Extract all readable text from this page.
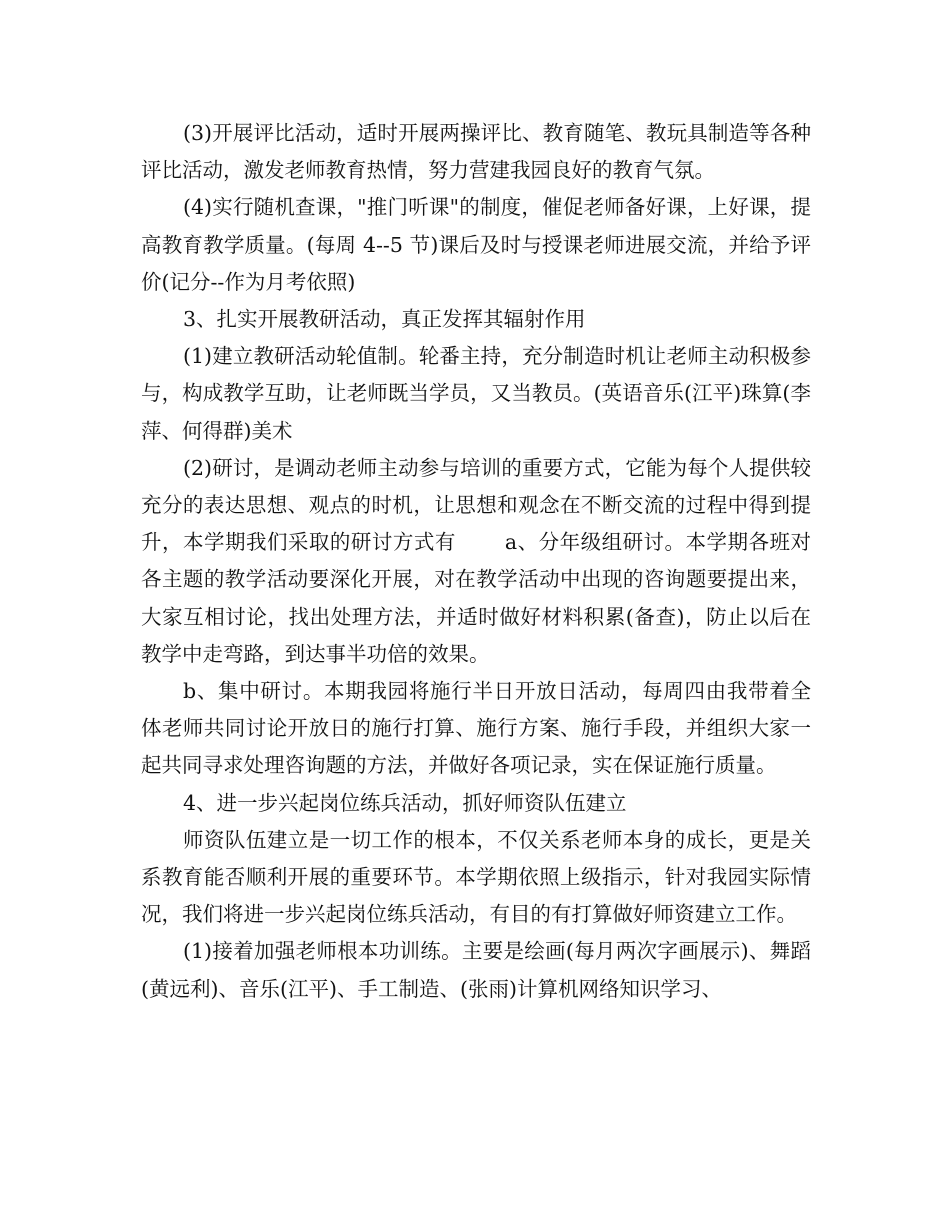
(3)开展评比活动，适时开展两操评比、教育随笔、教玩具制造等各种评比活动，激发老师教育热情，努力营建我园良好的教育气氛。

(4)实行随机查课，"推门听课"的制度，催促老师备好课，上好课，提高教育教学质量。(每周 4--5 节)课后及时与授课老师进展交流，并给予评价(记分--作为月考依照)

3、扎实开展教研活动，真正发挥其辐射作用

(1)建立教研活动轮值制。轮番主持，充分制造时机让老师主动积极参与，构成教学互助，让老师既当学员，又当教员。(英语音乐(江平)珠算(李萍、何得群)美术

(2)研讨，是调动老师主动参与培训的重要方式，它能为每个人提供较充分的表达思想、观点的时机，让思想和观念在不断交流的过程中得到提升，本学期我们采取的研讨方式有       a、分年级组研讨。本学期各班对各主题的教学活动要深化开展，对在教学活动中出现的咨询题要提出来，大家互相讨论，找出处理方法，并适时做好材料积累(备查)，防止以后在教学中走弯路，到达事半功倍的效果。

b、集中研讨。本期我园将施行半日开放日活动，每周四由我带着全体老师共同讨论开放日的施行打算、施行方案、施行手段，并组织大家一起共同寻求处理咨询题的方法，并做好各项记录，实在保证施行质量。

4、进一步兴起岗位练兵活动，抓好师资队伍建立

师资队伍建立是一切工作的根本，不仅关系老师本身的成长，更是关系教育能否顺利开展的重要环节。本学期依照上级指示，针对我园实际情况，我们将进一步兴起岗位练兵活动，有目的有打算做好师资建立工作。

(1)接着加强老师根本功训练。主要是绘画(每月两次字画展示)、舞蹈(黄远利)、音乐(江平)、手工制造、(张雨)计算机网络知识学习、
